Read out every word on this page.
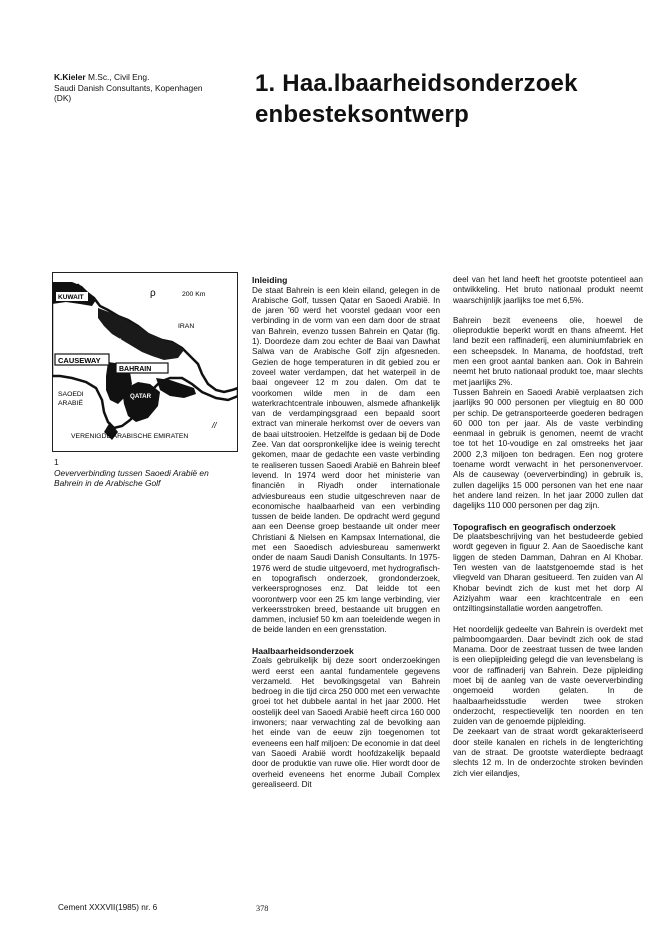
K.Kieler M.Sc., Civil Eng.
Saudi Danish Consultants, Kopenhagen
(DK)
1. Haa.lbaarheidsonderzoek
enbesteksontwerp
KUWAIT
THE
GULF
CAUSEWAY
BAHRAIN
QATAR
IRAN
SAOEDI
ARABIË
VERENIGDE ARABISCHE EMIRATEN
200 Km
ρ
//
1
Oeververbinding tussen Saoedi Arabië en Bahrein in de Arabische Golf
Inleiding

De staat Bahrein is een klein eiland, gelegen in de Arabische Golf, tussen Qatar en Saoedi Arabië. In de jaren '60 werd het voorstel gedaan voor een verbinding in de vorm van een dam door de straat van Bahrein, evenzo tussen Bahrein en Qatar (fig. 1). Doordeze dam zou echter de Baai van Dawhat Salwa van de Arabische Golf zijn afgesneden. Gezien de hoge temperaturen in dit gebied zou er zoveel water verdampen, dat het waterpeil in de baai ongeveer 12 m zou dalen. Om dat te voorkomen wilde men in de dam een waterkrachtcentrale inbouwen, alsmede afhankelijk van de verdampingsgraad een bepaald soort extract van minerale herkomst over de oevers van de baai uitstrooien. Hetzelfde is gedaan bij de Dode Zee. Van dat oorspronkelijke idee is weinig terecht gekomen, maar de gedachte een vaste verbinding te realiseren tussen Saoedi Arabië en Bahrein bleef levend. In 1974 werd door het ministerie van financiën in Riyadh onder internationale adviesbureaus een studie uitgeschreven naar de economische haalbaarheid van een verbinding tussen de beide landen. De opdracht werd gegund aan een Deense groep bestaande uit onder meer Christiani & Nielsen en Kampsax International, die met een Saoedisch adviesbureau samenwerkt onder de naam Saudi Danish Consultants. In 1975-1976 werd de studie uitgevoerd, met hydrografisch- en topografisch onderzoek, grondonderzoek, verkeersprognoses enz. Dat leidde tot een voorontwerp voor een 25 km lange verbinding, vier verkeersstroken breed, bestaande uit bruggen en dammen, inclusief 50 km aan toeleidende wegen in de beide landen en een grensstation.

Haalbaarheidsonderzoek

Zoals gebruikelijk bij deze soort onderzoekingen werd eerst een aantal fundamentele gegevens verzameld. Het bevolkingsgetal van Bahrein bedroeg in die tijd circa 250 000 met een verwachte groei tot het dubbele aantal in het jaar 2000. Het oostelijk deel van Saoedi Arabië heeft circa 160 000 inwoners; naar verwachting zal de bevolking aan het einde van de eeuw zijn toegenomen tot eveneens een half miljoen: De economie in dat deel van Saoedi Arabië wordt hoofdzakelijk bepaald door de produktie van ruwe olie. Hier wordt door de overheid eveneens het enorme Jubail Complex gerealiseerd. Dit

deel van het land heeft het grootste potentieel aan ontwikkeling. Het bruto nationaal produkt neemt waarschijnlijk jaarlijks toe met 6,5%.

Bahrein bezit eveneens olie, hoewel de olieproduktie beperkt wordt en thans afneemt. Het land bezit een raffinaderij, een aluminiumfabriek en een scheepsdek. In Manama, de hoofdstad, treft men een groot aantal banken aan. Ook in Bahrein neemt het bruto nationaal produkt toe, maar slechts met jaarlijks 2%.

Tussen Bahrein en Saoedi Arabië verplaatsen zich jaarlijks 90 000 personen per vliegtuig en 80 000 per schip. De getransporteerde goederen bedragen 60 000 ton per jaar. Als de vaste verbinding eenmaal in gebruik is genomen, neemt de vracht toe tot het 10-voudige en zal omstreeks het jaar 2000 2,3 miljoen ton bedragen. Een nog grotere toename wordt verwacht in het personenvervoer. Als de causeway (oeververbinding) in gebruik is, zullen dagelijks 15 000 personen van het ene naar het andere land reizen. In het jaar 2000 zullen dat dagelijks 110 000 personen per dag zijn.

Topografisch en geografisch onderzoek

De plaatsbeschrijving van het bestudeerde gebied wordt gegeven in figuur 2. Aan de Saoedische kant liggen de steden Damman, Dahran en Al Khobar. Ten westen van de laatstgenoemde stad is het vliegveld van Dharan gesitueerd. Ten zuiden van Al Khobar bevindt zich de kust met het dorp Al Aziziyahm waar een krachtcentrale en een ontziltingsinstallatie worden aangetroffen.

Het noordelijk gedeelte van Bahrein is overdekt met palmboomgaarden. Daar bevindt zich ook de stad Manama. Door de zeestraat tussen de twee landen is een oliepijpleiding gelegd die van levensbelang is voor de raffinaderij van Bahrein. Deze pijpleiding moet bij de aanleg van de vaste oeververbinding ongemoeid worden gelaten. In de haalbaarheidsstudie werden twee stroken onderzocht, respectievelijk ten noorden en ten zuiden van de genoemde pijpleiding.

De zeekaart van de straat wordt gekarakteriseerd door steile kanalen en richels in de lengterichting van de straat. De grootste waterdiepte bedraagt slechts 12 m. In de onderzochte stroken bevinden zich vier eilandjes,

Cement XXXVII(1985) nr. 6	378
